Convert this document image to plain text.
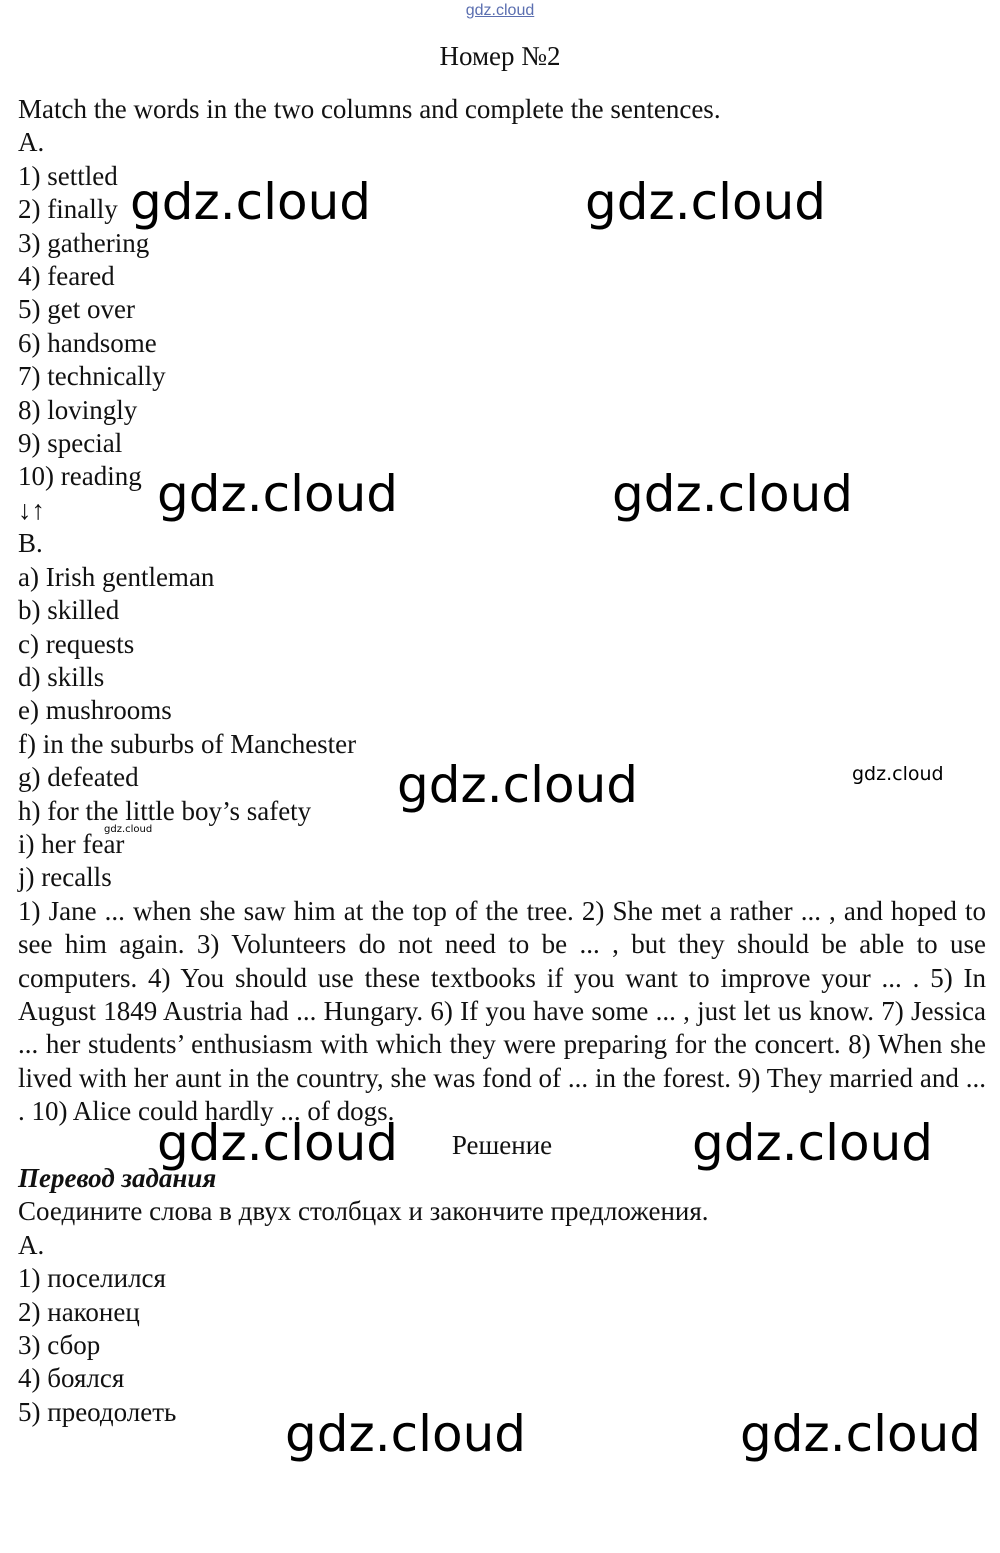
gdz.cloud
Номер №2

Match the words in the two columns and complete the sentences.

A.

1) settled

2) finally

3) gathering

4) feared

5) get over

6) handsome

7) technically

8) lovingly

9) special

10) reading

↓↑

B.

a) Irish gentleman

b) skilled

c) requests

d) skills

e) mushrooms

f) in the suburbs of Manchester

g) defeated

h) for the little boy’s safety

i) her fear

j) recalls

1) Jane ... when she saw him at the top of the tree. 2) She met a rather ... , and hoped to see him again. 3) Volunteers do not need to be ... , but they should be able to use computers. 4) You should use these textbooks if you want to improve your ... . 5) In August 1849 Austria had ... Hungary. 6) If you have some ... , just let us know. 7) Jessica ... her students’ enthusiasm with which they were preparing for the concert. 8) When she lived with her aunt in the country, she was fond of ... in the forest. 9) They married and ... . 10) Alice could hardly ... of dogs.

Решение

Перевод задания

Соедините слова в двух столбцах и закончите предложения.

A.

1) поселился

2) наконец

3) сбор

4) боялся

5) преодолеть

gdz.cloud	gdz.cloud
gdz.cloud	gdz.cloud
gdz.cloud	gdz.cloud
gdz.cloud
gdz.cloud	gdz.cloud
gdz.cloud	gdz.cloud
